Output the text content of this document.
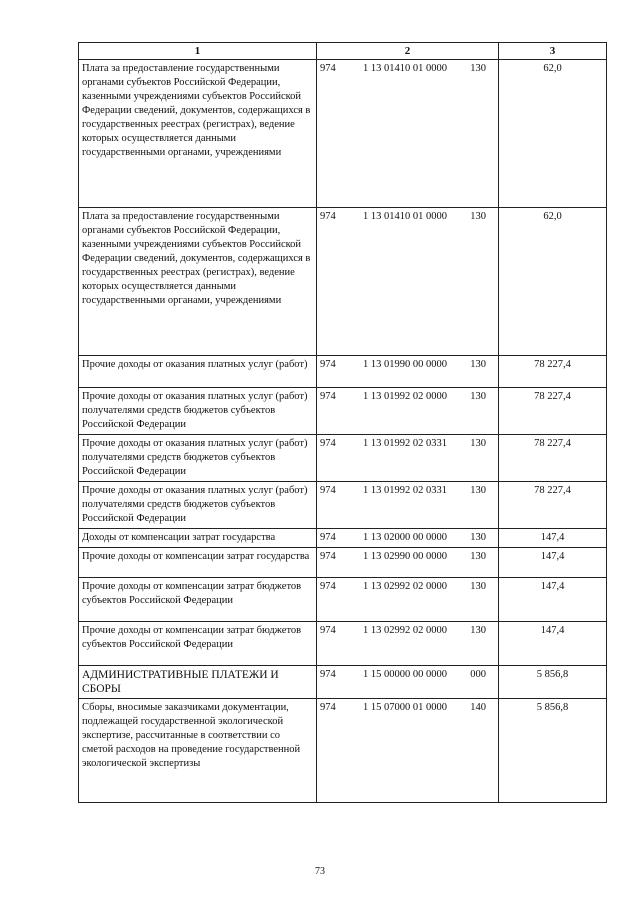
1	2	3
Плата за предоставление государственными органами субъектов Российской Федерации, казенными учреждениями субъектов Российской Федерации сведений, документов, содержащихся в государственных реестрах (регистрах), ведение которых осуществляется данными государственными органами, учреждениями	974 1 13 01410 01 0000 130	62,0
Плата за предоставление государственными органами субъектов Российской Федерации, казенными учреждениями субъектов Российской Федерации сведений, документов, содержащихся в государственных реестрах (регистрах), ведение которых осуществляется данными государственными органами, учреждениями	974 1 13 01410 01 0000 130	62,0
Прочие доходы от оказания платных услуг (работ)	974 1 13 01990 00 0000 130	78 227,4
Прочие доходы от оказания платных услуг (работ) получателями средств бюджетов субъектов Российской Федерации	974 1 13 01992 02 0000 130	78 227,4
Прочие доходы от оказания платных услуг (работ) получателями средств бюджетов субъектов Российской Федерации	974 1 13 01992 02 0331 130	78 227,4
Прочие доходы от оказания платных услуг (работ) получателями средств бюджетов субъектов Российской Федерации	974 1 13 01992 02 0331 130	78 227,4
Доходы от компенсации затрат государства	974 1 13 02000 00 0000 130	147,4
Прочие доходы от компенсации затрат государства	974 1 13 02990 00 0000 130	147,4
Прочие доходы от компенсации затрат бюджетов субъектов Российской Федерации	974 1 13 02992 02 0000 130	147,4
Прочие доходы от компенсации затрат бюджетов субъектов Российской Федерации	974 1 13 02992 02 0000 130	147,4
АДМИНИСТРАТИВНЫЕ ПЛАТЕЖИ И СБОРЫ	974 1 15 00000 00 0000 000	5 856,8
Сборы, вносимые заказчиками документации, подлежащей государственной экологической экспертизе, рассчитанные в соответствии со сметой расходов на проведение государственной экологической экспертизы	974 1 15 07000 01 0000 140	5 856,8
73
